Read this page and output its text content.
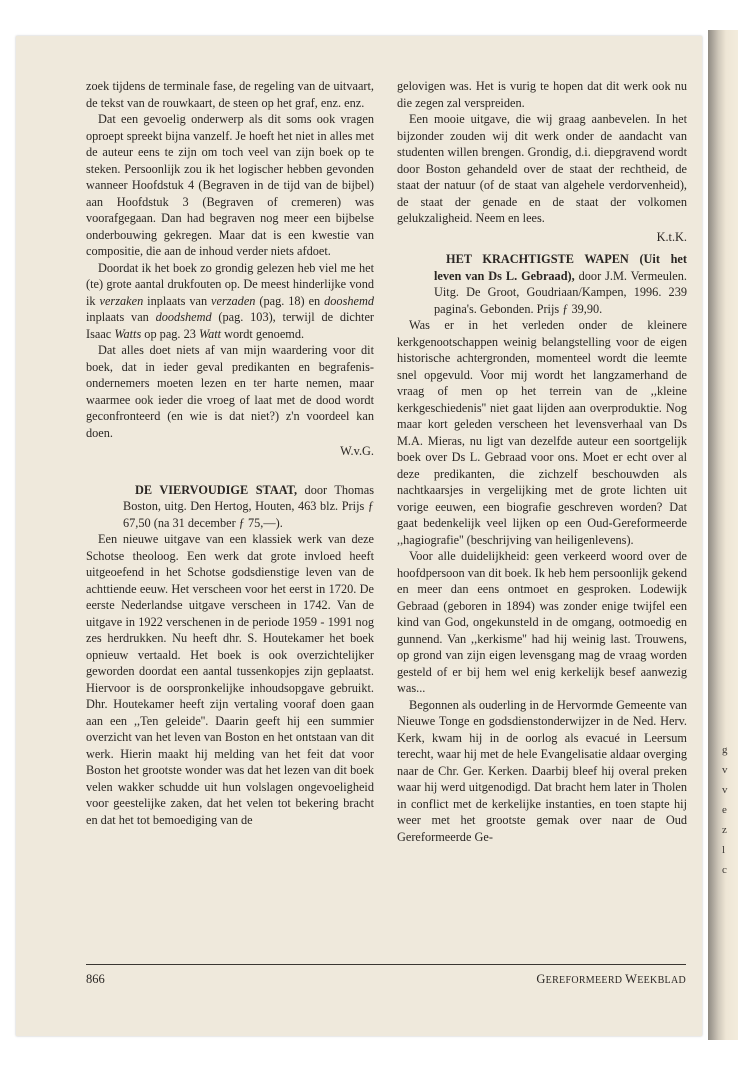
g
v
v
e
z
l
c

zoek tijdens de terminale fase, de regeling van de uitvaart, de tekst van de rouwkaart, de steen op het graf, enz. enz.

Dat een gevoelig onderwerp als dit soms ook vragen oproept spreekt bijna vanzelf. Je hoeft het niet in alles met de auteur eens te zijn om toch veel van zijn boek op te steken. Persoonlijk zou ik het logischer hebben gevonden wanneer Hoofdstuk 4 (Begraven in de tijd van de bijbel) aan Hoofdstuk 3 (Begraven of cremeren) was voorafgegaan. Dan had begraven nog meer een bijbelse onderbouwing gekregen. Maar dat is een kwestie van compositie, die aan de inhoud verder niets afdoet.

Doordat ik het boek zo grondig gelezen heb viel me het (te) grote aantal drukfouten op. De meest hinderlijke vond ik verzaken inplaats van verzaden (pag. 18) en dooshemd inplaats van doodshemd (pag. 103), terwijl de dichter Isaac Watts op pag. 23 Watt wordt genoemd.

Dat alles doet niets af van mijn waardering voor dit boek, dat in ieder geval predikanten en begrafenis-ondernemers moeten lezen en ter harte nemen, maar waarmee ook ieder die vroeg of laat met de dood wordt geconfronteerd (en wie is dat niet?) z'n voordeel kan doen.

W.v.G.

DE VIERVOUDIGE STAAT, door Thomas Boston, uitg. Den Hertog, Houten, 463 blz. Prijs ƒ 67,50 (na 31 december ƒ 75,—).

Een nieuwe uitgave van een klassiek werk van deze Schotse theoloog. Een werk dat grote invloed heeft uitgeoefend in het Schotse godsdienstige leven van de achttiende eeuw. Het verscheen voor het eerst in 1720. De eerste Nederlandse uitgave verscheen in 1742. Van de uitgave in 1922 verschenen in de periode 1959 - 1991 nog zes herdrukken. Nu heeft dhr. S. Houtekamer het boek opnieuw vertaald. Het boek is ook overzichtelijker geworden doordat een aantal tussenkopjes zijn geplaatst. Hiervoor is de oorspronkelijke inhoudsopgave gebruikt. Dhr. Houtekamer heeft zijn vertaling vooraf doen gaan aan een ,,Ten geleide''. Daarin geeft hij een summier overzicht van het leven van Boston en het ontstaan van dit werk. Hierin maakt hij melding van het feit dat voor Boston het grootste wonder was dat het lezen van dit boek velen wakker schudde uit hun volslagen ongevoeligheid voor geestelijke zaken, dat het velen tot bekering bracht en dat het tot bemoediging van de

gelovigen was. Het is vurig te hopen dat dit werk ook nu die zegen zal verspreiden.

Een mooie uitgave, die wij graag aanbevelen. In het bijzonder zouden wij dit werk onder de aandacht van studenten willen brengen. Grondig, d.i. diepgravend wordt door Boston gehandeld over de staat der rechtheid, de staat der natuur (of de staat van algehele verdorvenheid), de staat der genade en de staat der volkomen gelukzaligheid. Neem en lees.

K.t.K.

HET KRACHTIGSTE WAPEN (Uit het leven van Ds L. Gebraad), door J.M. Vermeulen. Uitg. De Groot, Goudriaan/Kampen, 1996. 239 pagina's. Gebonden. Prijs ƒ 39,90.

Was er in het verleden onder de kleinere kerkgenootschappen weinig belangstelling voor de eigen historische achtergronden, momenteel wordt die leemte snel opgevuld. Voor mij wordt het langzamerhand de vraag of men op het terrein van de ,,kleine kerkgeschiedenis'' niet gaat lijden aan overproduktie. Nog maar kort geleden verscheen het levensverhaal van Ds M.A. Mieras, nu ligt van dezelfde auteur een soortgelijk boek over Ds L. Gebraad voor ons. Moet er echt over al deze predikanten, die zichzelf beschouwden als nachtkaarsjes in vergelijking met de grote lichten uit vorige eeuwen, een biografie geschreven worden? Dat gaat bedenkelijk veel lijken op een Oud-Gereformeerde ,,hagiografie'' (beschrijving van heiligenlevens).

Voor alle duidelijkheid: geen verkeerd woord over de hoofdpersoon van dit boek. Ik heb hem persoonlijk gekend en meer dan eens ontmoet en gesproken. Lodewijk Gebraad (geboren in 1894) was zonder enige twijfel een kind van God, ongekunsteld in de omgang, ootmoedig en gunnend. Van ,,kerkisme'' had hij weinig last. Trouwens, op grond van zijn eigen levensgang mag de vraag worden gesteld of er bij hem wel enig kerkelijk besef aanwezig was...

Begonnen als ouderling in de Hervormde Gemeente van Nieuwe Tonge en godsdienstonderwijzer in de Ned. Herv. Kerk, kwam hij in de oorlog als evacué in Leersum terecht, waar hij met de hele Evangelisatie aldaar overging naar de Chr. Ger. Kerken. Daarbij bleef hij overal preken waar hij werd uitgenodigd. Dat bracht hem later in Tholen in conflict met de kerkelijke instanties, en toen stapte hij weer met het grootste gemak over naar de Oud Gereformeerde Ge-

866	GEREFORMEERD WEEKBLAD
